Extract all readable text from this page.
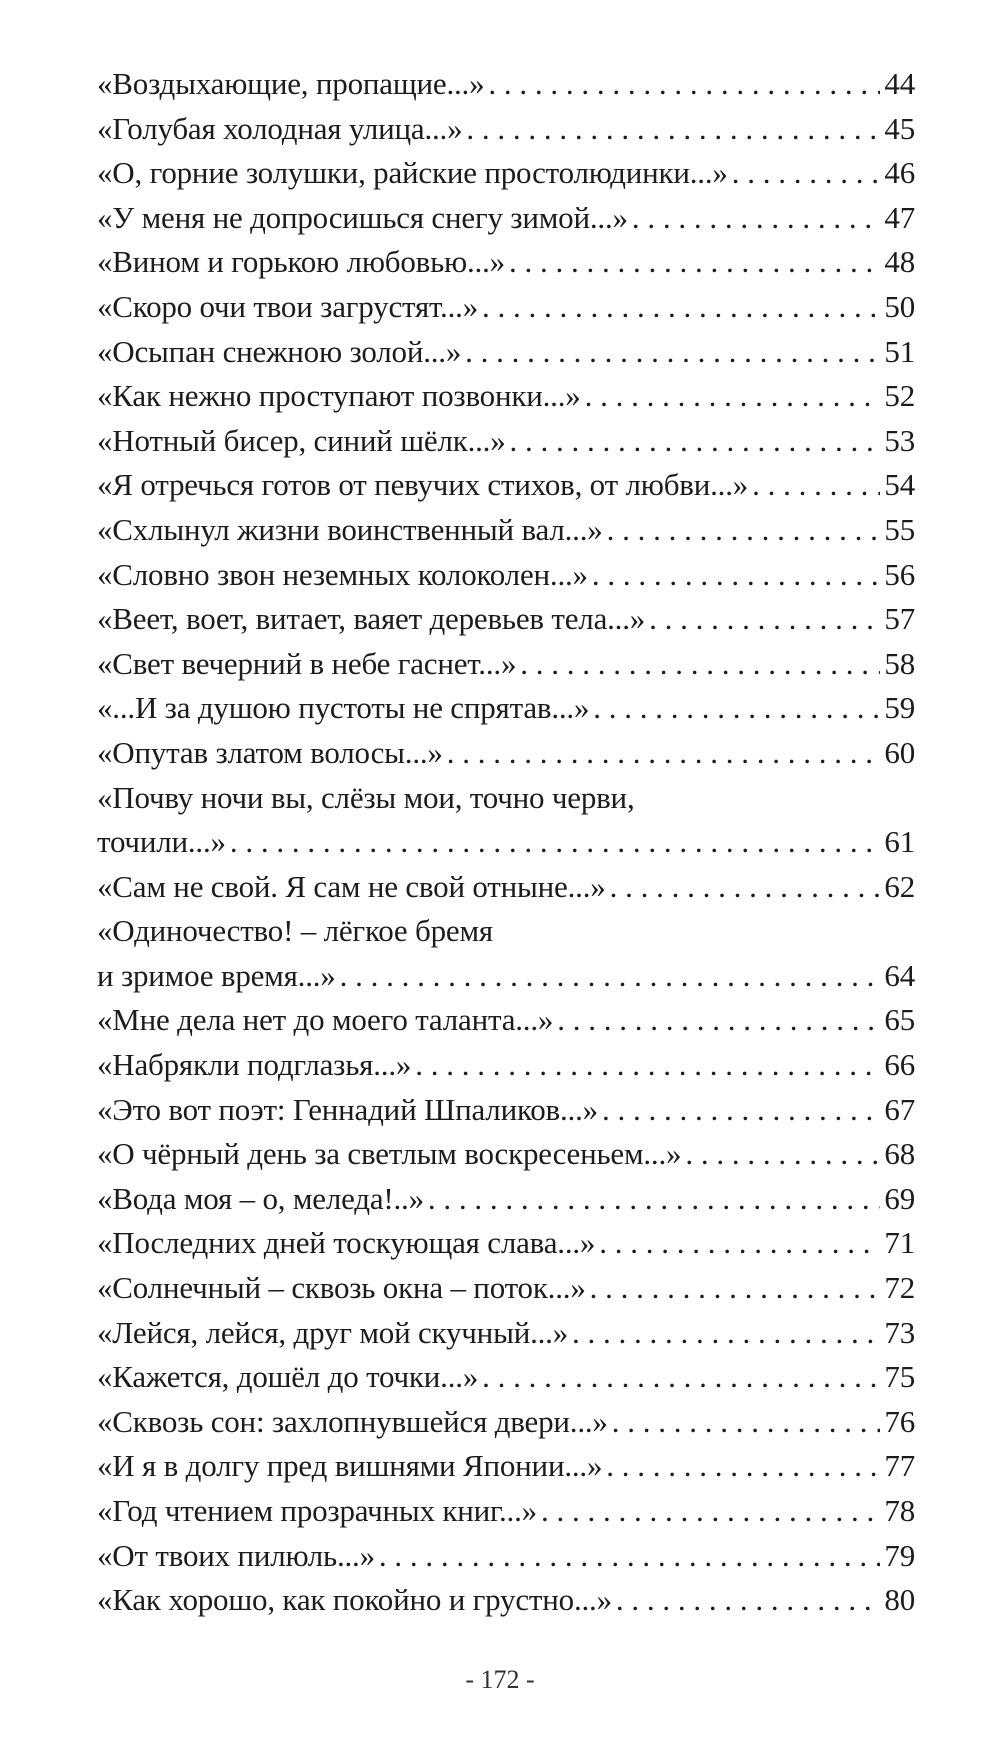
«Воздыхающие, пропащие...» . . .	44
«Голубая холодная улица...» . . .	45
«О, горние золушки, райские простолюдинки...» . . .	46
«У меня не допросишься снегу зимой...» . . .	47
«Вином и горькою любовью...» . . .	48
«Скоро очи твои загрустят...» . . .	50
«Осыпан снежною золой...» . . .	51
«Как нежно проступают позвонки...» . . .	52
«Нотный бисер, синий шёлк...» . . .	53
«Я отречься готов от певучих стихов, от любви...» . . .	54
«Схлынул жизни воинственный вал...» . . .	55
«Словно звон неземных колоколен...» . . .	56
«Веет, воет, витает, ваяет деревьев тела...» . . .	57
«Свет вечерний в небе гаснет...» . . .	58
«...И за душою пустоты не спрятав...» . . .	59
«Опутав златом волосы...» . . .	60
«Почву ночи вы, слёзы мои, точно черви,
точили...» . . .	61
«Сам не свой. Я сам не свой отныне...» . . .	62
«Одиночество! – лёгкое бремя
и зримое время...» . . .	64
«Мне дела нет до моего таланта...» . . .	65
«Набрякли подглазья...» . . .	66
«Это вот поэт: Геннадий Шпаликов...» . . .	67
«О чёрный день за светлым воскресеньем...» . . .	68
«Вода моя – о, меледа!..» . . .	69
«Последних дней тоскующая слава...» . . .	71
«Солнечный – сквозь окна – поток...» . . .	72
«Лейся, лейся, друг мой скучный...» . . .	73
«Кажется, дошёл до точки...» . . .	75
«Сквозь сон: захлопнувшейся двери...» . . .	76
«И я в долгу пред вишнями Японии...» . . .	77
«Год чтением прозрачных книг...» . . .	78
«От твоих пилюль...» . . .	79
«Как хорошо, как покойно и грустно...» . . .	80
- 172 -
